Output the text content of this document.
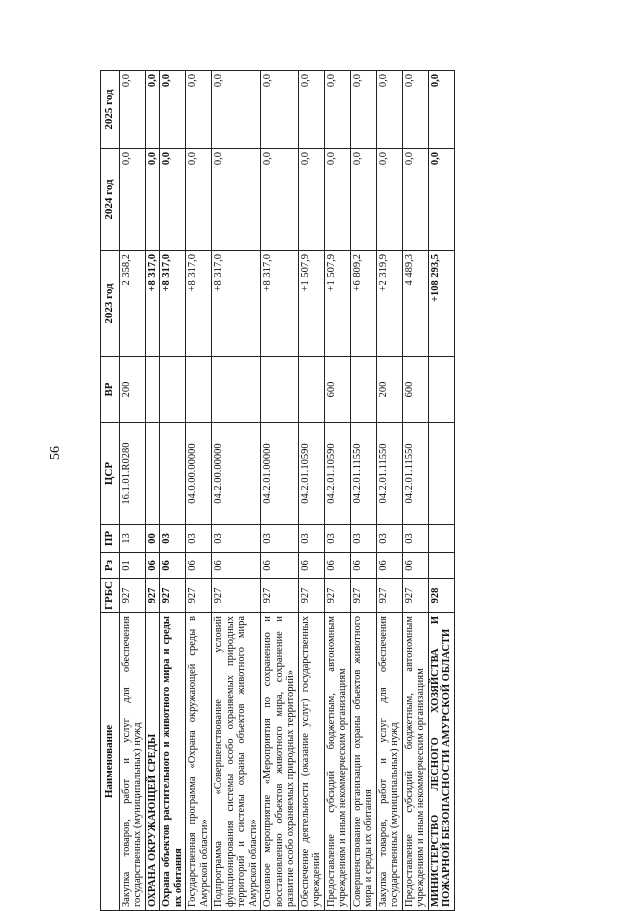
56
Наименование	ГРБС	Рз	ПР	ЦСР	ВР	2023 год	2024 год	2025 год
Закупка товаров, работ и услуг для обеспечения государственных (муниципальных) нужд	927	01	13	16.1.01.R0280	200	2 358,2	0,0	0,0
ОХРАНА ОКРУЖАЮЩЕЙ СРЕДЫ	927	06	00			+8 317,0	0,0	0,0
Охрана объектов растительного и животного мира и среды их обитания	927	06	03			+8 317,0	0,0	0,0
Государственная программа «Охрана окружающей среды в Амурской области»	927	06	03	04.0.00.00000		+8 317,0	0,0	0,0
Подпрограмма «Совершенствование условий функционирования системы особо охраняемых природных территорий и системы охраны объектов животного мира Амурской области»	927	06	03	04.2.00.00000		+8 317,0	0,0	0,0
Основное мероприятие «Мероприятия по сохранению и восстановлению объектов животного мира, сохранение и развитие особо охраняемых природных территорий»	927	06	03	04.2.01.00000		+8 317,0	0,0	0,0
Обеспечение деятельности (оказание услуг) государственных учреждений	927	06	03	04.2.01.10590		+1 507,9	0,0	0,0
Предоставление субсидий бюджетным, автономным учреждениям и иным некоммерческим организациям	927	06	03	04.2.01.10590	600	+1 507,9	0,0	0,0
Совершенствование организации охраны объектов животного мира и среды их обитания	927	06	03	04.2.01.11550		+6 809,2	0,0	0,0
Закупка товаров, работ и услуг для обеспечения государственных (муниципальных) нужд	927	06	03	04.2.01.11550	200	+2 319,9	0,0	0,0
Предоставление субсидий бюджетным, автономным учреждениям и иным некоммерческим организациям	927	06	03	04.2.01.11550	600	4 489,3	0,0	0,0
МИНИСТЕРСТВО ЛЕСНОГО ХОЗЯЙСТВА И ПОЖАРНОЙ БЕЗОПАСНОСТИ АМУРСКОЙ ОБЛАСТИ	928					+108 293,5	0,0	0,0
